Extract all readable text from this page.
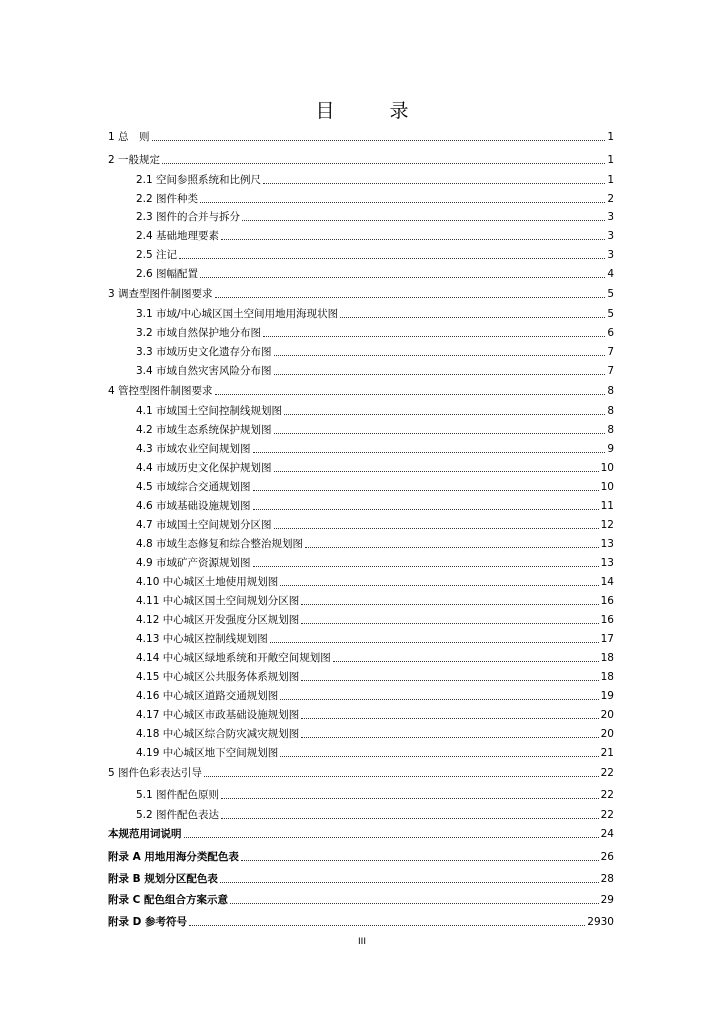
目　录
1 总　则	1
2 一般规定	1
2.1 空间参照系统和比例尺	1
2.2 图件种类	2
2.3 图件的合并与拆分	3
2.4 基础地理要素	3
2.5 注记	3
2.6 图幅配置	4
3 调查型图件制图要求	5
3.1 市域/中心城区国土空间用地用海现状图	5
3.2 市域自然保护地分布图	6
3.3 市域历史文化遗存分布图	7
3.4 市域自然灾害风险分布图	7
4 管控型图件制图要求	8
4.1 市域国土空间控制线规划图	8
4.2 市域生态系统保护规划图	8
4.3 市域农业空间规划图	9
4.4 市域历史文化保护规划图	10
4.5 市域综合交通规划图	10
4.6 市域基础设施规划图	11
4.7 市域国土空间规划分区图	12
4.8 市域生态修复和综合整治规划图	13
4.9 市域矿产资源规划图	13
4.10 中心城区土地使用规划图	14
4.11 中心城区国土空间规划分区图	16
4.12 中心城区开发强度分区规划图	16
4.13 中心城区控制线规划图	17
4.14 中心城区绿地系统和开敞空间规划图	18
4.15 中心城区公共服务体系规划图	18
4.16 中心城区道路交通规划图	19
4.17 中心城区市政基础设施规划图	20
4.18 中心城区综合防灾减灾规划图	20
4.19 中心城区地下空间规划图	21
5 图件色彩表达引导	22
5.1 图件配色原则	22
5.2 图件配色表达	22
本规范用词说明	24
附录 A 用地用海分类配色表	26
附录 B 规划分区配色表	28
附录 C 配色组合方案示意	29
附录 D 参考符号	2930
III
